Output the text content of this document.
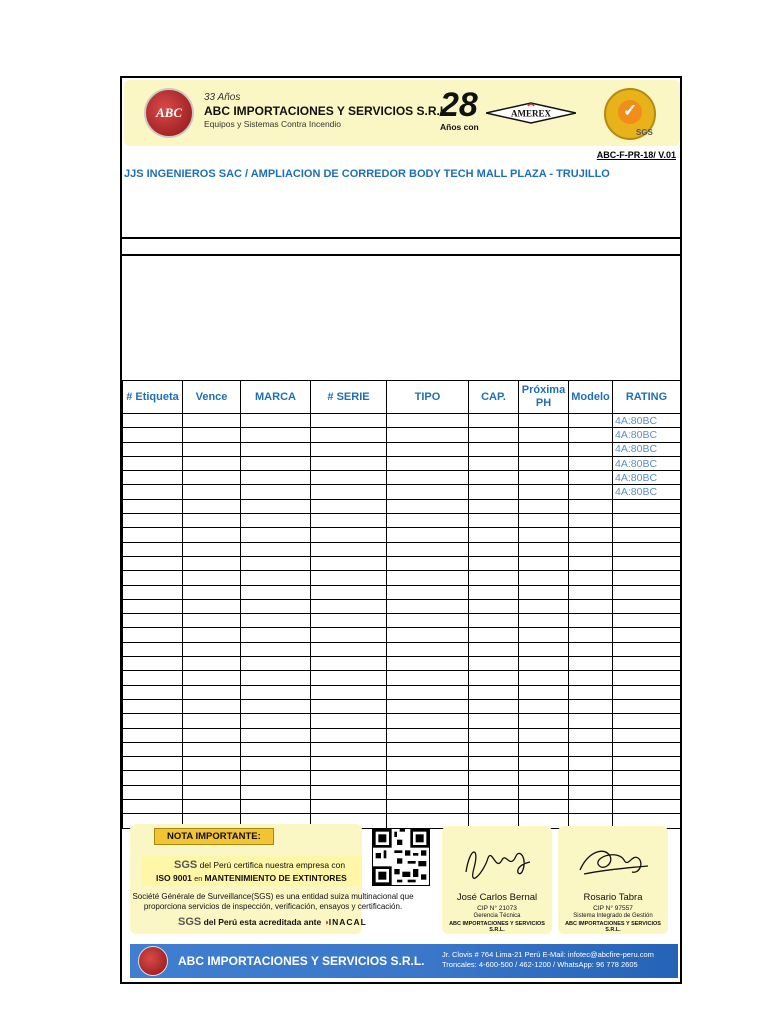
ABC
33 Años
ABC IMPORTACIONES Y SERVICIOS S.R.L.
Equipos y Sistemas Contra Incendio	28
Años con
AMEREX
✓
SGS
ABC-F-PR-18/ V.01
JJS INGENIEROS SAC / AMPLIACION DE CORREDOR BODY TECH MALL PLAZA - TRUJILLO
# Etiqueta	Vence	MARCA	# SERIE	TIPO	CAP.	Próxima PH	Modelo	RATING
								4A:80BC
								4A:80BC
								4A:80BC
								4A:80BC
								4A:80BC
								4A:80BC

NOTA IMPORTANTE:
SGS del Perú certifica nuestra empresa con
ISO 9001 en MANTENIMIENTO DE EXTINTORES
Société Générale de Surveillance(SGS) es una entidad suiza multinacional que proporciona servicios de inspección, verificación, ensayos y certificación.
SGS del Perú esta acreditada ante ◑INACAL
José Carlos Bernal
CIP N° 21073
Gerencia Técnica
ABC IMPORTACIONES Y SERVICIOS S.R.L.
Rosario Tabra
CIP N° 97557
Sistema Integrado de Gestión
ABC IMPORTACIONES Y SERVICIOS S.R.L.
ABC IMPORTACIONES Y SERVICIOS S.R.L. Jr. Clovis # 764 Lima-21 Perú E-Mail: infotec@abcfire-peru.com
Troncales: 4-600-500 / 462-1200 / WhatsApp: 96 778 2605
